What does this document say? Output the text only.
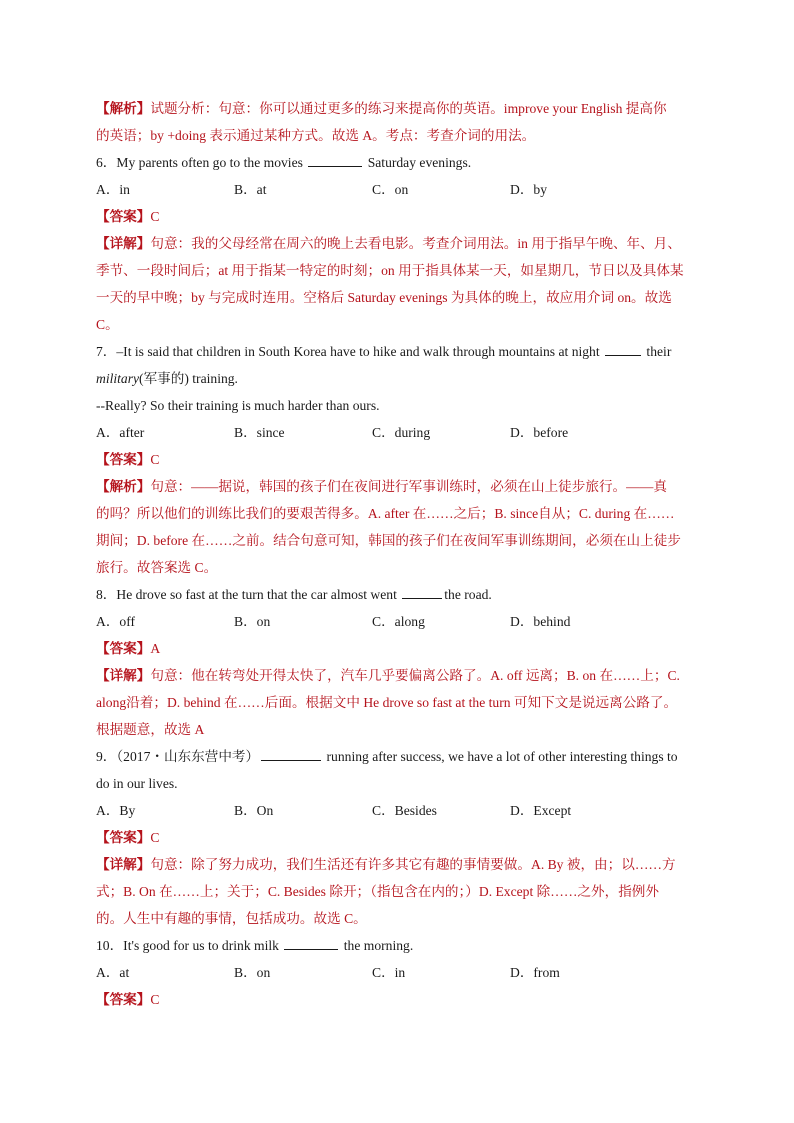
【解析】试题分析：句意：你可以通过更多的练习来提高你的英语。improve your English 提高你
的英语；by +doing 表示通过某种方式。故选 A。考点：考查介词的用法。
6．My parents often go to the movies	Saturday evenings.
A．in	B．at	C．on	D．by
【答案】C
【详解】句意：我的父母经常在周六的晚上去看电影。考查介词用法。in 用于指早午晚、年、月、
季节、一段时间后；at 用于指某一特定的时刻；on 用于指具体某一天，如星期几，节日以及具体某
一天的早中晚；by 与完成时连用。空格后 Saturday evenings 为具体的晚上，故应用介词 on。故选
C。
7．–It is said that children in South Korea have to hike and walk through mountains at night	their
military(军事的) training.
--Really? So their training is much harder than ours.
A．after	B．since	C．during	D．before
【答案】C
【解析】句意：——据说，韩国的孩子们在夜间进行军事训练时，必须在山上徒步旅行。——真
的吗？所以他们的训练比我们的要艰苦得多。A. after 在……之后；B. since自从；C. during 在……
期间；D. before 在……之前。结合句意可知，韩国的孩子们在夜间军事训练期间，必须在山上徒步
旅行。故答案选 C。
8．He drove so fast at the turn that the car almost went	the road.
A．off	B．on	C．along	D．behind
【答案】A
【详解】句意：他在转弯处开得太快了，汽车几乎要偏离公路了。A. off 远离；B. on 在……上；C.
along沿着；D. behind 在……后面。根据文中 He drove so fast at the turn 可知下文是说远离公路了。
根据题意，故选 A
9．（2017・山东东营中考）	running after success, we have a lot of other interesting things to
do in our lives.
A．By	B．On	C．Besides	D．Except
【答案】C
【详解】句意：除了努力成功，我们生活还有许多其它有趣的事情要做。A. By 被，由；以……方
式；B. On 在……上；关于；C. Besides 除开；（指包含在内的；）D. Except 除……之外，指例外
的。人生中有趣的事情，包括成功。故选 C。
10．It's good for us to drink milk	the morning.
A．at	B．on	C．in	D．from
【答案】C
